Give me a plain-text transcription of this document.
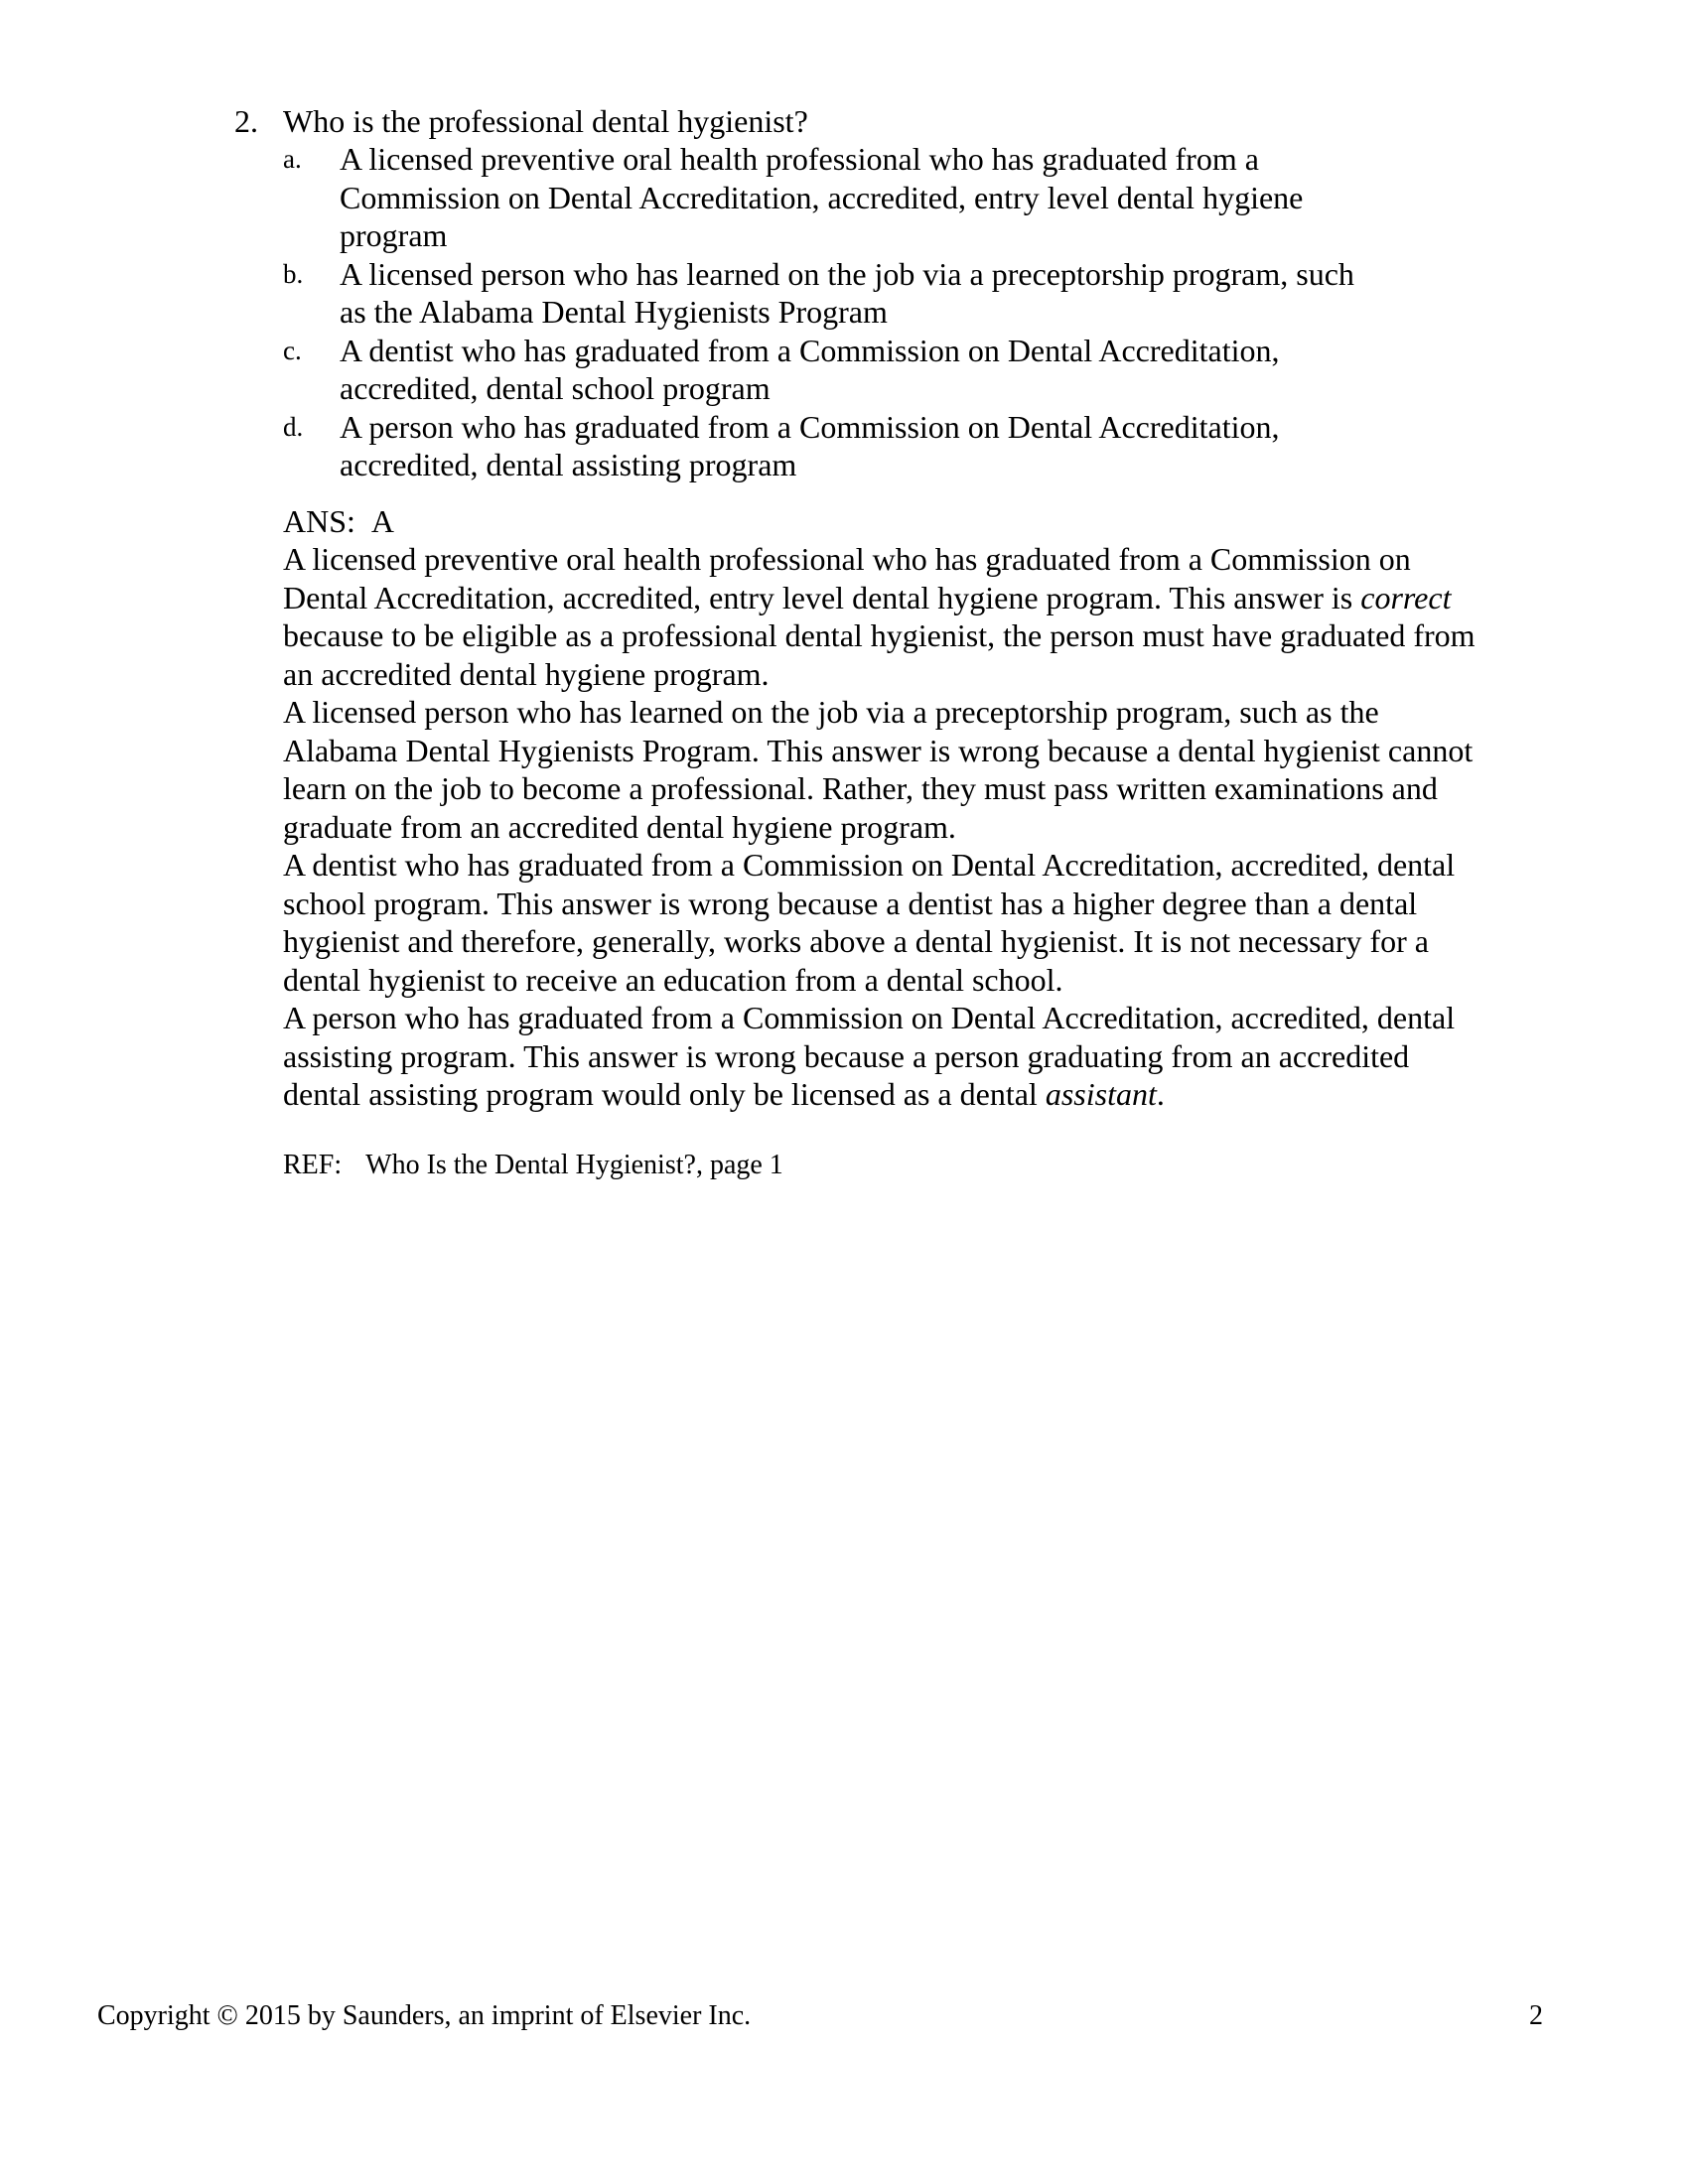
2. Who is the professional dental hygienist?
a. A licensed preventive oral health professional who has graduated from a
Commission on Dental Accreditation, accredited, entry level dental hygiene
program
b. A licensed person who has learned on the job via a preceptorship program, such
as the Alabama Dental Hygienists Program
c. A dentist who has graduated from a Commission on Dental Accreditation,
accredited, dental school program
d. A person who has graduated from a Commission on Dental Accreditation,
accredited, dental assisting program
ANS: A
A licensed preventive oral health professional who has graduated from a Commission on
Dental Accreditation, accredited, entry level dental hygiene program. This answer is correct
because to be eligible as a professional dental hygienist, the person must have graduated from
an accredited dental hygiene program.
A licensed person who has learned on the job via a preceptorship program, such as the
Alabama Dental Hygienists Program. This answer is wrong because a dental hygienist cannot
learn on the job to become a professional. Rather, they must pass written examinations and
graduate from an accredited dental hygiene program.
A dentist who has graduated from a Commission on Dental Accreditation, accredited, dental
school program. This answer is wrong because a dentist has a higher degree than a dental
hygienist and therefore, generally, works above a dental hygienist. It is not necessary for a
dental hygienist to receive an education from a dental school.
A person who has graduated from a Commission on Dental Accreditation, accredited, dental
assisting program. This answer is wrong because a person graduating from an accredited
dental assisting program would only be licensed as a dental assistant.
REF: Who Is the Dental Hygienist?, page 1
Copyright © 2015 by Saunders, an imprint of Elsevier Inc.	2
